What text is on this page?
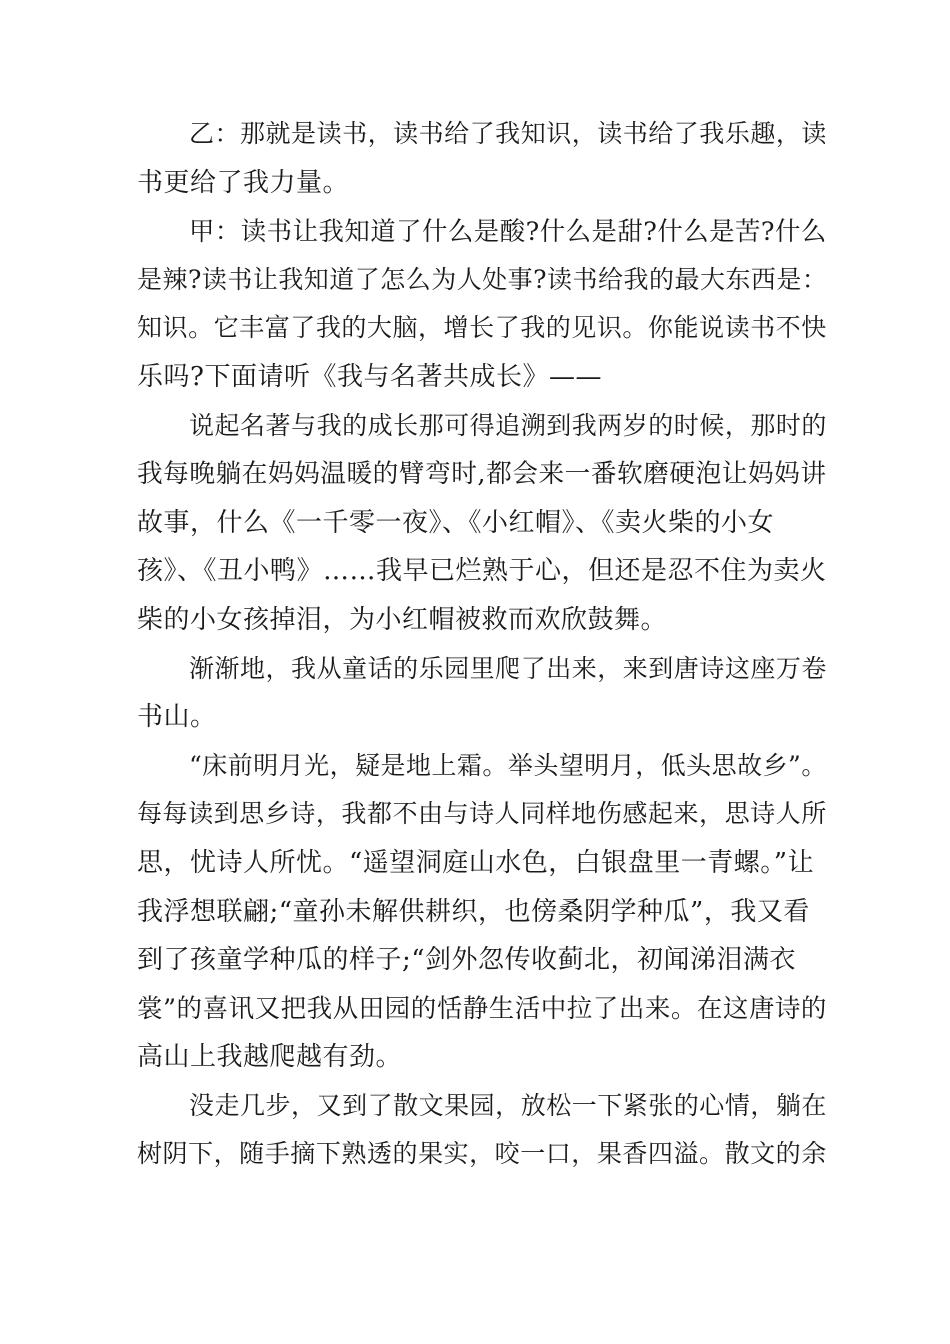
乙：那就是读书，读书给了我知识，读书给了我乐趣，读
书更给了我力量。
甲：读书让我知道了什么是酸?什么是甜?什么是苦?什么
是辣?读书让我知道了怎么为人处事?读书给我的最大东西是：
知识。它丰富了我的大脑，增长了我的见识。你能说读书不快
乐吗?下面请听《我与名著共成长》——
说起名著与我的成长那可得追溯到我两岁的时候，那时的
我每晚躺在妈妈温暖的臂弯时,都会来一番软磨硬泡让妈妈讲
故事，什么《一千零一夜》、《小红帽》、《卖火柴的小女
孩》、《丑小鸭》……我早已烂熟于心，但还是忍不住为卖火
柴的小女孩掉泪，为小红帽被救而欢欣鼓舞。
渐渐地，我从童话的乐园里爬了出来，来到唐诗这座万卷
书山。
“床前明月光，疑是地上霜。举头望明月，低头思故乡”。
每每读到思乡诗，我都不由与诗人同样地伤感起来，思诗人所
思，忧诗人所忧。“遥望洞庭山水色，白银盘里一青螺。”让
我浮想联翩;“童孙未解供耕织，也傍桑阴学种瓜”，我又看
到了孩童学种瓜的样子;“剑外忽传收蓟北，初闻涕泪满衣
裳”的喜讯又把我从田园的恬静生活中拉了出来。在这唐诗的
高山上我越爬越有劲。
没走几步，又到了散文果园，放松一下紧张的心情，躺在
树阴下，随手摘下熟透的果实，咬一口，果香四溢。散文的余
